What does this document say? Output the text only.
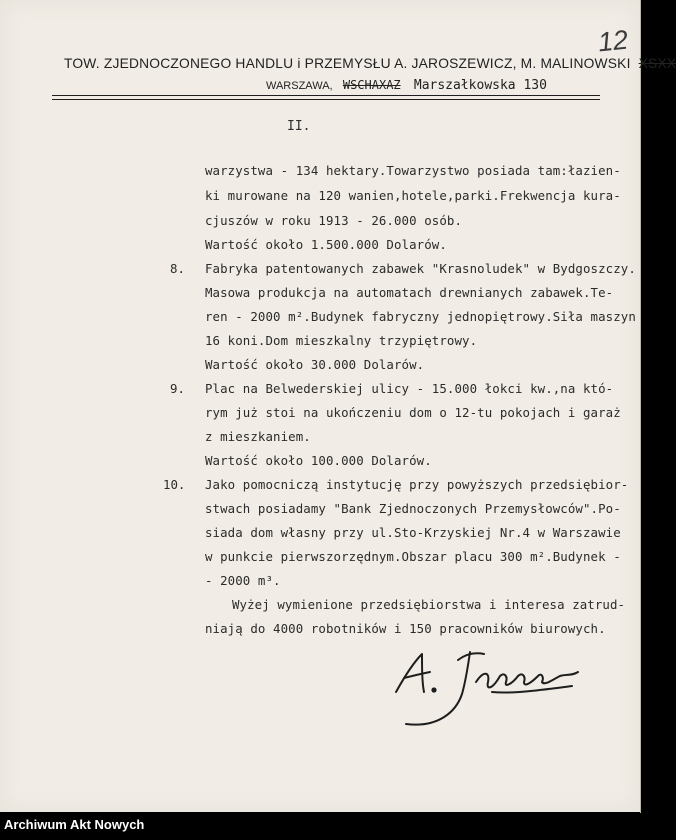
12
TOW. ZJEDNOCZONEGO HANDLU i PRZEMYSŁU A. JAROSZEWICZ, M. MALINOWSKI XSXX
WARSZAWA, WSCHAXAZ Marszałkowska 130
II.
warzystwa - 134 hektary.Towarzystwo posiada tam:łazien-
ki murowane na 120 wanien,hotele,parki.Frekwencja kura-
cjuszów w roku 1913 - 26.000 osób.
Wartość około 1.500.000 Dolarów.
8. Fabryka patentowanych zabawek "Krasnoludek" w Bydgoszczy.
Masowa produkcja na automatach drewnianych zabawek.Te-
ren - 2000 m².Budynek fabryczny jednopiętrowy.Siła maszyn
16 koni.Dom mieszkalny trzypiętrowy.
Wartość około 30.000 Dolarów.
9. Plac na Belwederskiej ulicy - 15.000 łokci kw.,na któ-
rym już stoi na ukończeniu dom o 12-tu pokojach i garaż
z mieszkaniem.
Wartość około 100.000 Dolarów.
10. Jako pomocniczą instytucję przy powyższych przedsiębior-
stwach posiadamy "Bank Zjednoczonych Przemysłowców".Po-
siada dom własny przy ul.Sto-Krzyskiej Nr.4 w Warszawie
w punkcie pierwszorzędnym.Obszar placu 300 m².Budynek -
- 2000 m³.
Wyżej wymienione przedsiębiorstwa i interesa zatrud-
niają do 4000 robotników i 150 pracowników biurowych.
Archiwum Akt Nowych
